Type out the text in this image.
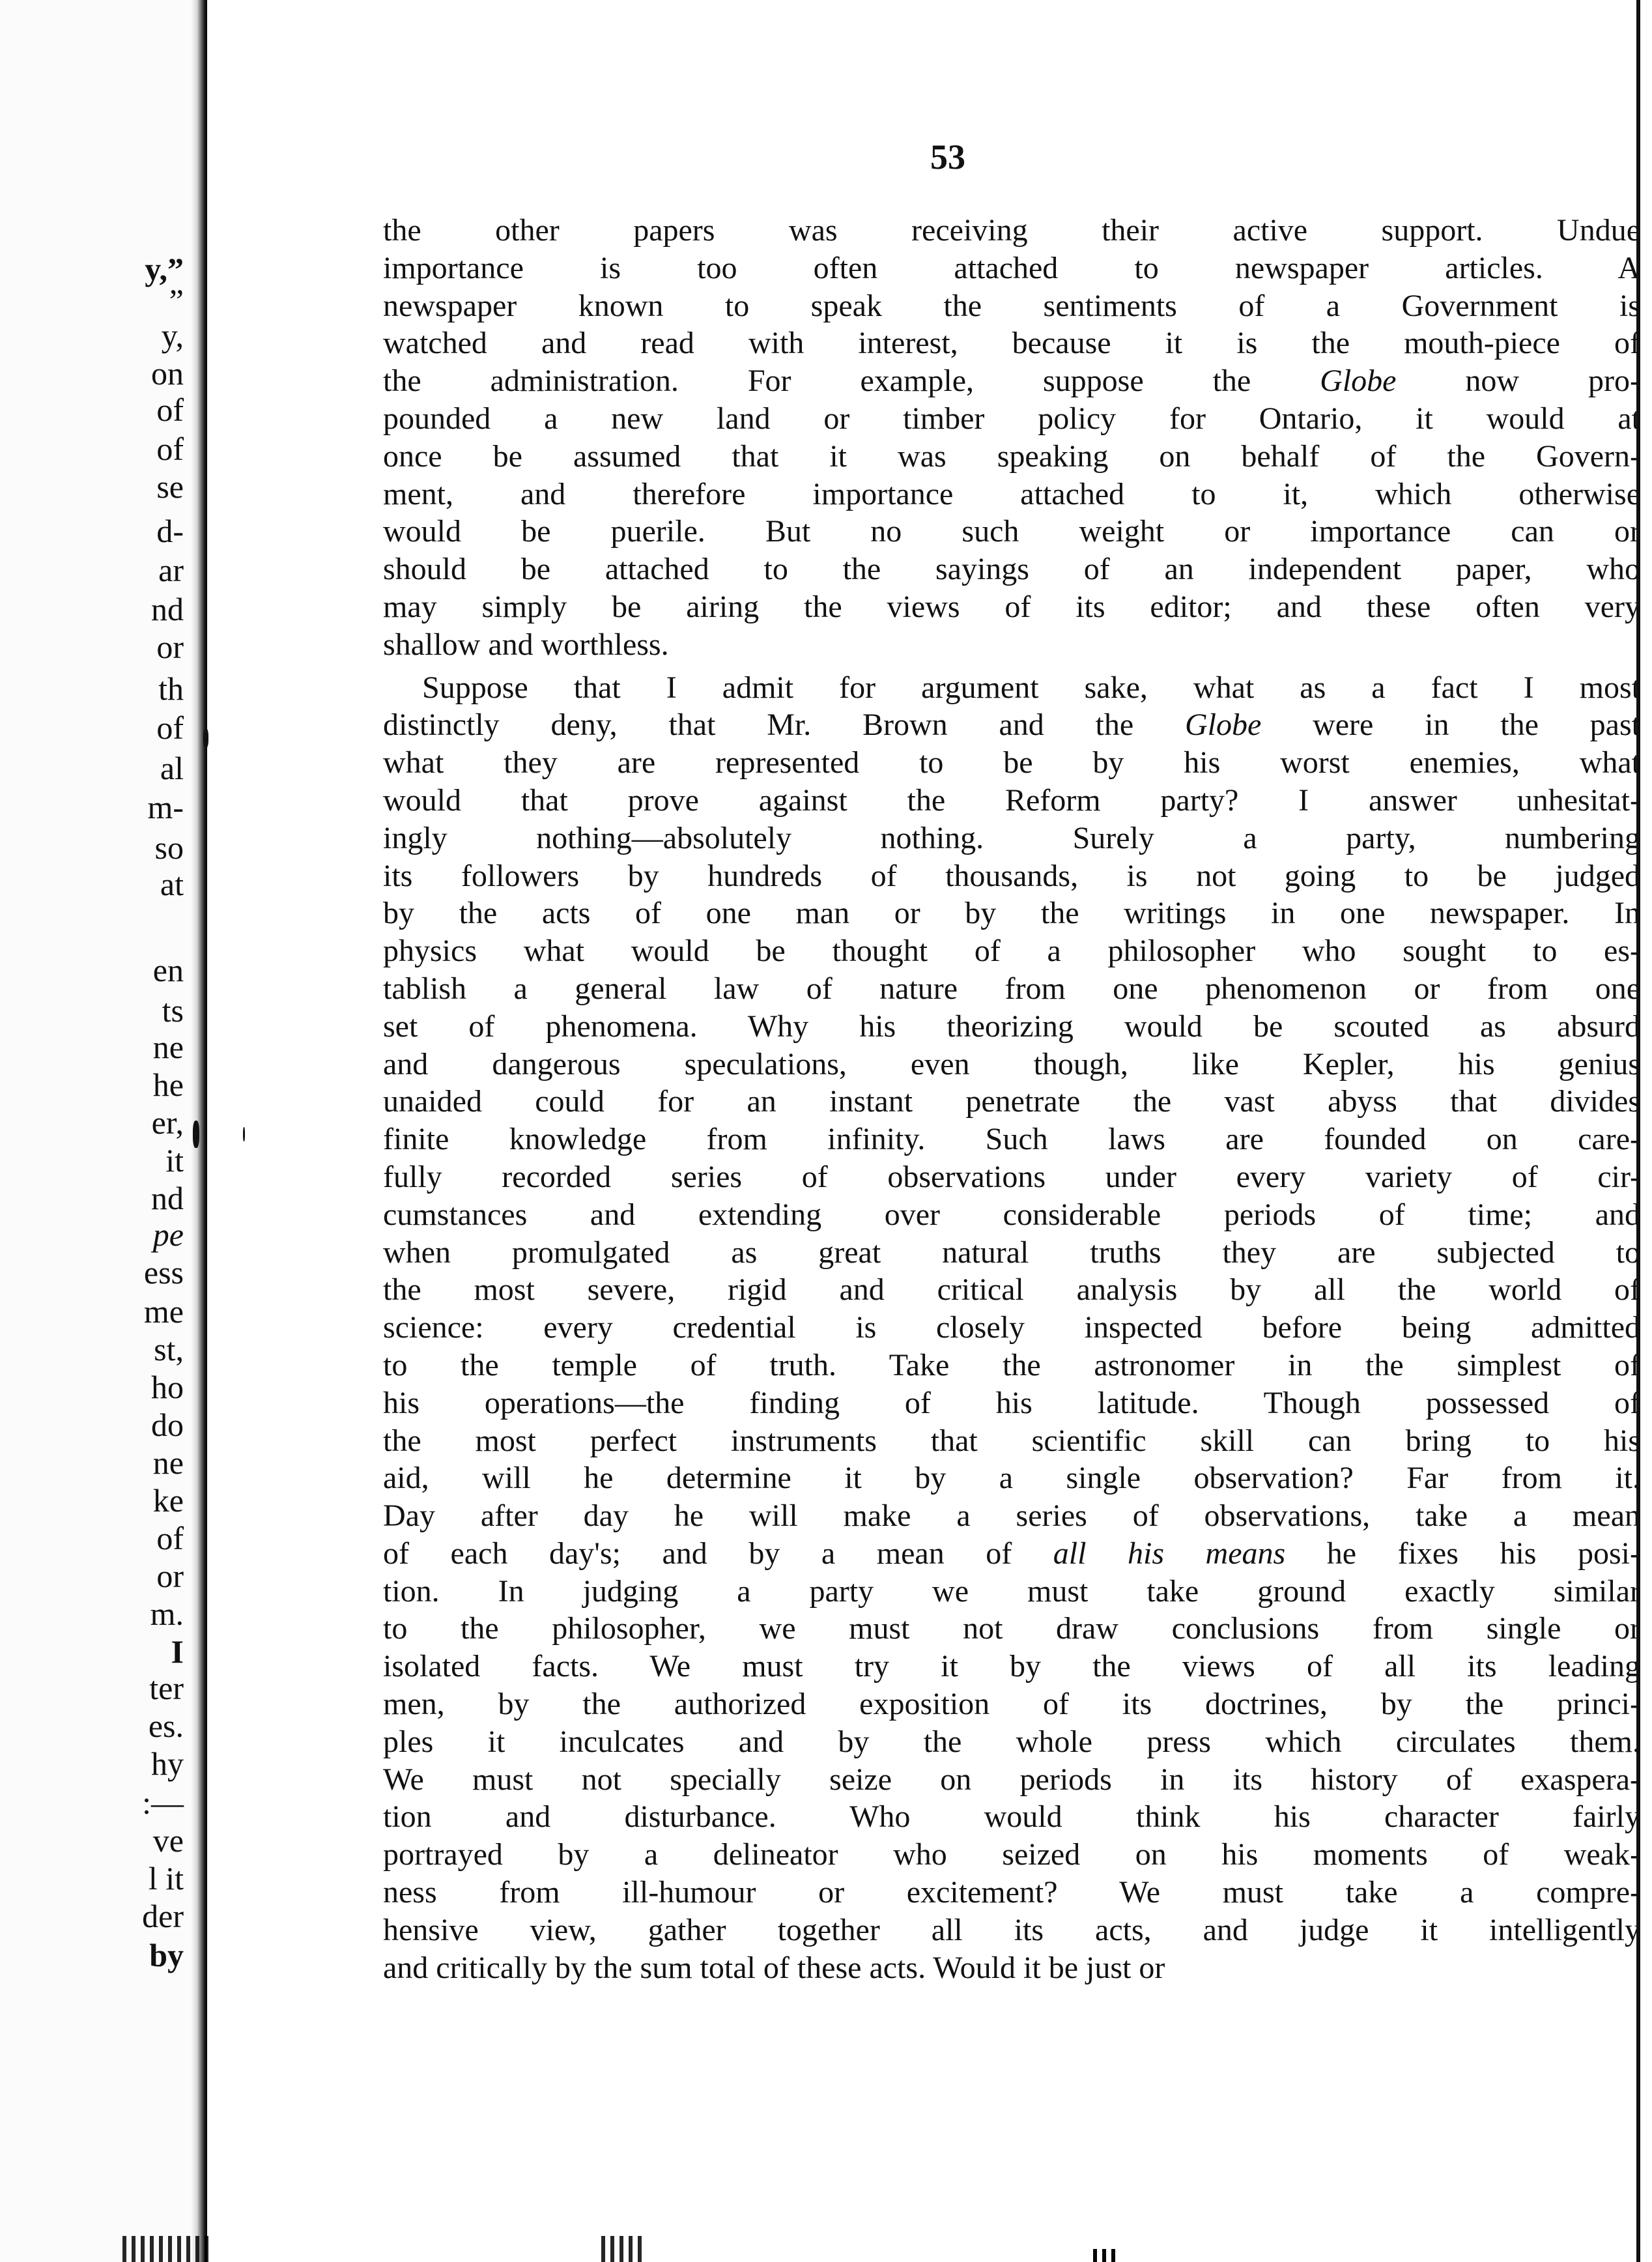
y,”
”
y,
on
of
of
se
d-
ar
nd
or
th
of
al
m-
so
at
en
ts
ne
he
er,
it
nd
pe
ess
me
st,
ho
do
ne
ke
of
or
m.
I
ter
es.
hy
:—
ve
l it
der
by
53
the other papers was receiving their active support. Undue
importance is too often attached to newspaper articles. A
newspaper known to speak the sentiments of a Government is
watched and read with interest, because it is the mouth-piece of
the administration. For example, suppose the Globe now pro-
pounded a new land or timber policy for Ontario, it would at
once be assumed that it was speaking on behalf of the Govern-
ment, and therefore importance attached to it, which otherwise
would be puerile. But no such weight or importance can or
should be attached to the sayings of an independent paper, who
may simply be airing the views of its editor; and these often very
shallow and worthless.
Suppose that I admit for argument sake, what as a fact I most
distinctly deny, that Mr. Brown and the Globe were in the past
what they are represented to be by his worst enemies, what
would that prove against the Reform party? I answer unhesitat-
ingly nothing—absolutely nothing. Surely a party, numbering
its followers by hundreds of thousands, is not going to be judged
by the acts of one man or by the writings in one newspaper. In
physics what would be thought of a philosopher who sought to es-
tablish a general law of nature from one phenomenon or from one
set of phenomena. Why his theorizing would be scouted as absurd
and dangerous speculations, even though, like Kepler, his genius
unaided could for an instant penetrate the vast abyss that divides
finite knowledge from infinity. Such laws are founded on care-
fully recorded series of observations under every variety of cir-
cumstances and extending over considerable periods of time; and
when promulgated as great natural truths they are subjected to
the most severe, rigid and critical analysis by all the world of
science: every credential is closely inspected before being admitted
to the temple of truth. Take the astronomer in the simplest of
his operations—the finding of his latitude. Though possessed of
the most perfect instruments that scientific skill can bring to his
aid, will he determine it by a single observation? Far from it.
Day after day he will make a series of observations, take a mean
of each day's; and by a mean of all his means he fixes his posi-
tion. In judging a party we must take ground exactly similar
to the philosopher, we must not draw conclusions from single or
isolated facts. We must try it by the views of all its leading
men, by the authorized exposition of its doctrines, by the princi-
ples it inculcates and by the whole press which circulates them.
We must not specially seize on periods in its history of exaspera-
tion and disturbance. Who would think his character fairly
portrayed by a delineator who seized on his moments of weak-
ness from ill-humour or excitement? We must take a compre-
hensive view, gather together all its acts, and judge it intelligently
and critically by the sum total of these acts. Would it be just or
